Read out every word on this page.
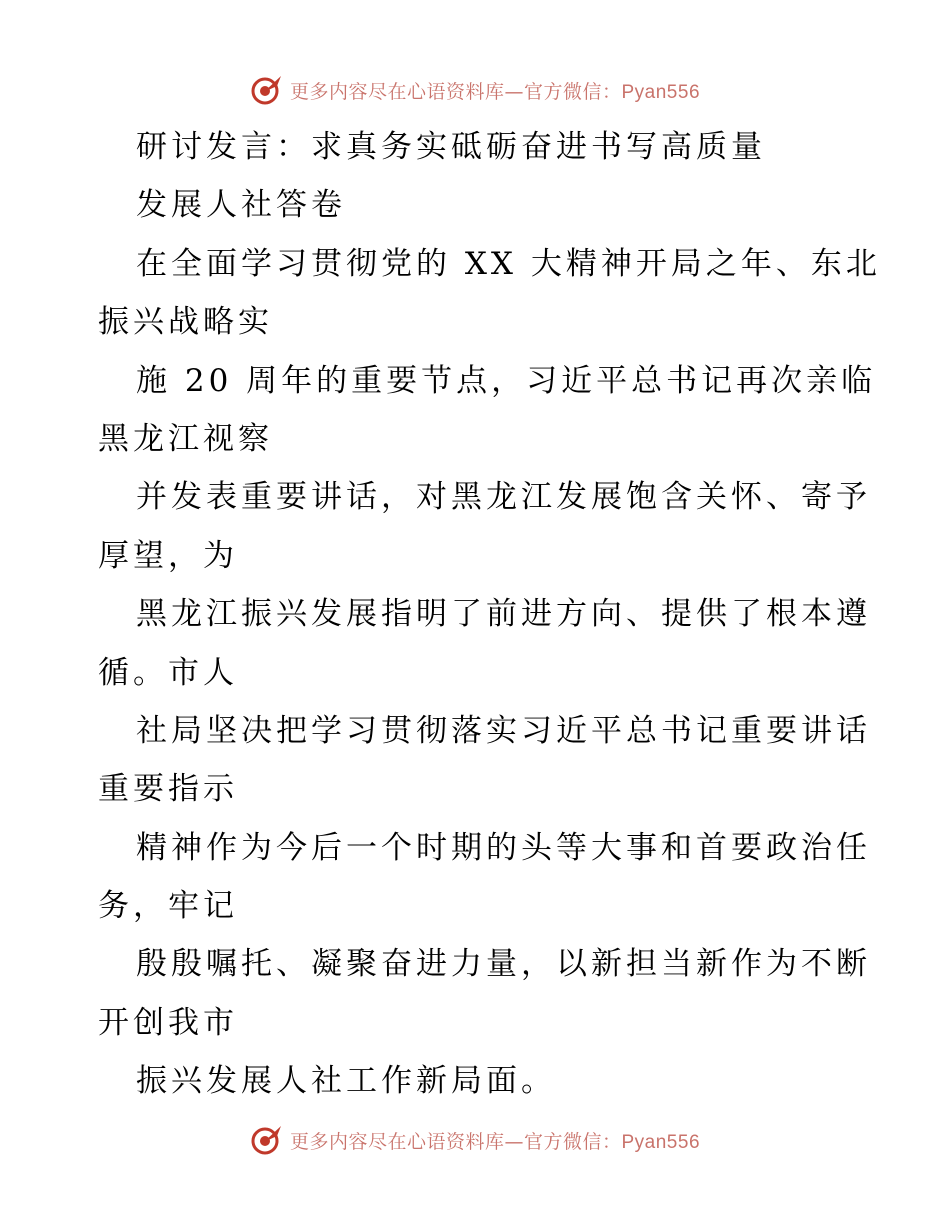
更多内容尽在心语资料库—官方微信：Pyan556
研讨发言：求真务实砥砺奋进书写高质量
发展人社答卷
在全面学习贯彻党的 XX 大精神开局之年、东北
振兴战略实
施 20 周年的重要节点，习近平总书记再次亲临
黑龙江视察
并发表重要讲话，对黑龙江发展饱含关怀、寄予
厚望，为
黑龙江振兴发展指明了前进方向、提供了根本遵
循。市人
社局坚决把学习贯彻落实习近平总书记重要讲话
重要指示
精神作为今后一个时期的头等大事和首要政治任
务，牢记
殷殷嘱托、凝聚奋进力量，以新担当新作为不断
开创我市
振兴发展人社工作新局面。
更多内容尽在心语资料库—官方微信：Pyan556
